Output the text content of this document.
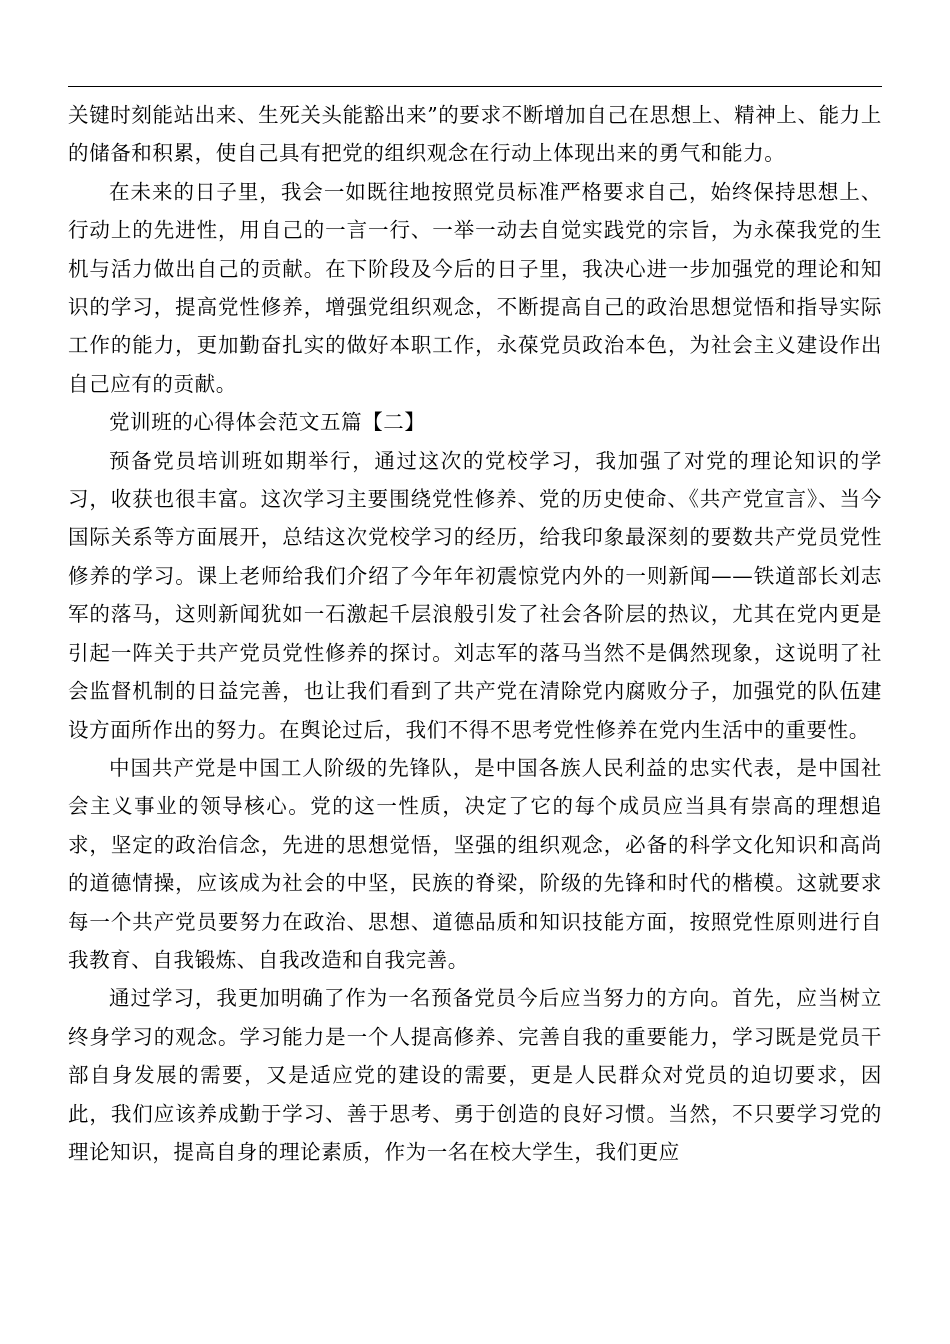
关键时刻能站出来、生死关头能豁出来”的要求不断增加自己在思想上、精神上、能力上的储备和积累，使自己具有把党的组织观念在行动上体现出来的勇气和能力。

在未来的日子里，我会一如既往地按照党员标准严格要求自己，始终保持思想上、行动上的先进性，用自己的一言一行、一举一动去自觉实践党的宗旨，为永葆我党的生机与活力做出自己的贡献。在下阶段及今后的日子里，我决心进一步加强党的理论和知识的学习，提高党性修养，增强党组织观念，不断提高自己的政治思想觉悟和指导实际工作的能力，更加勤奋扎实的做好本职工作，永葆党员政治本色，为社会主义建设作出自己应有的贡献。

党训班的心得体会范文五篇【二】

预备党员培训班如期举行，通过这次的党校学习，我加强了对党的理论知识的学习，收获也很丰富。这次学习主要围绕党性修养、党的历史使命、《共产党宣言》、当今国际关系等方面展开，总结这次党校学习的经历，给我印象最深刻的要数共产党员党性修养的学习。课上老师给我们介绍了今年年初震惊党内外的一则新闻——铁道部长刘志军的落马，这则新闻犹如一石激起千层浪般引发了社会各阶层的热议，尤其在党内更是引起一阵关于共产党员党性修养的探讨。刘志军的落马当然不是偶然现象，这说明了社会监督机制的日益完善，也让我们看到了共产党在清除党内腐败分子，加强党的队伍建设方面所作出的努力。在舆论过后，我们不得不思考党性修养在党内生活中的重要性。

中国共产党是中国工人阶级的先锋队，是中国各族人民利益的忠实代表，是中国社会主义事业的领导核心。党的这一性质，决定了它的每个成员应当具有崇高的理想追求，坚定的政治信念，先进的思想觉悟，坚强的组织观念，必备的科学文化知识和高尚的道德情操，应该成为社会的中坚，民族的脊梁，阶级的先锋和时代的楷模。这就要求每一个共产党员要努力在政治、思想、道德品质和知识技能方面，按照党性原则进行自我教育、自我锻炼、自我改造和自我完善。

通过学习，我更加明确了作为一名预备党员今后应当努力的方向。首先，应当树立终身学习的观念。学习能力是一个人提高修养、完善自我的重要能力，学习既是党员干部自身发展的需要，又是适应党的建设的需要，更是人民群众对党员的迫切要求，因此，我们应该养成勤于学习、善于思考、勇于创造的良好习惯。当然，不只要学习党的理论知识，提高自身的理论素质，作为一名在校大学生，我们更应
